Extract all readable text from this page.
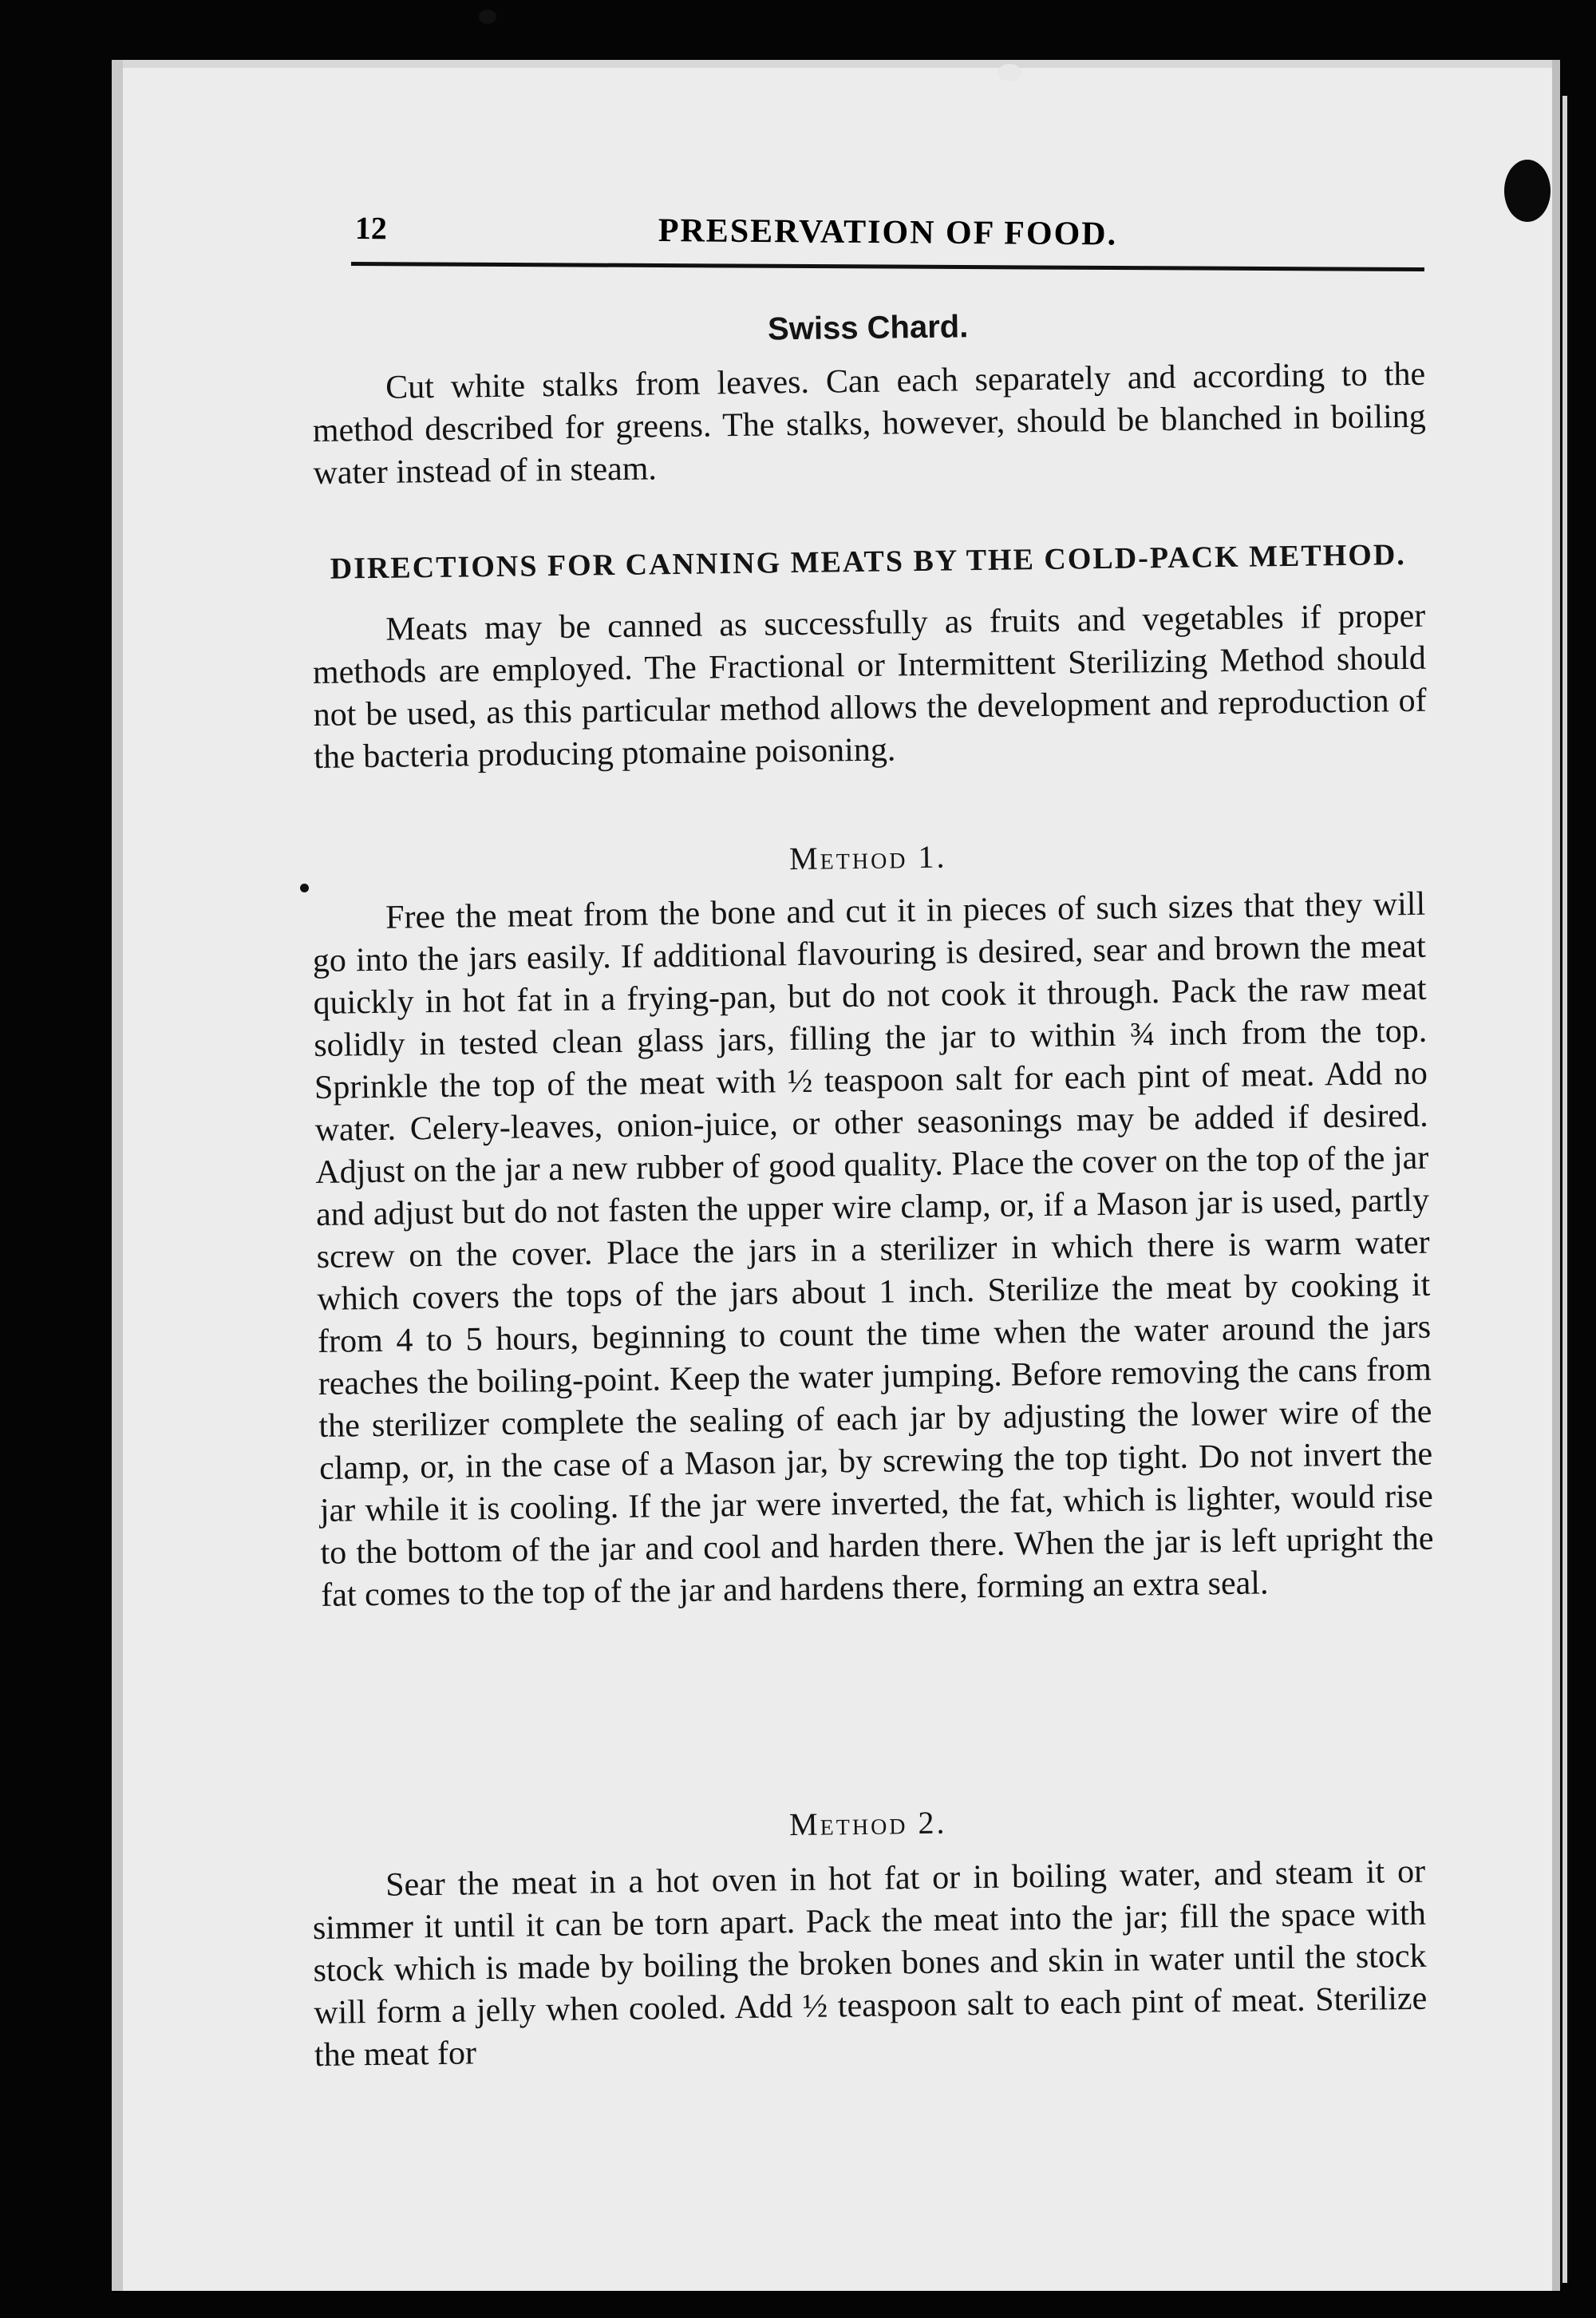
12	PRESERVATION OF FOOD.
Swiss Chard.

Cut white stalks from leaves. Can each separately and according to the method described for greens. The stalks, however, should be blanched in boiling water instead of in steam.

DIRECTIONS FOR CANNING MEATS BY THE COLD-PACK METHOD.

Meats may be canned as successfully as fruits and vegetables if proper methods are employed. The Fractional or Intermittent Sterilizing Method should not be used, as this particular method allows the development and reproduction of the bacteria producing ptomaine poisoning.

Method 1.

Free the meat from the bone and cut it in pieces of such sizes that they will go into the jars easily. If additional flavouring is desired, sear and brown the meat quickly in hot fat in a frying-pan, but do not cook it through. Pack the raw meat solidly in tested clean glass jars, filling the jar to within ¾ inch from the top. Sprinkle the top of the meat with ½ teaspoon salt for each pint of meat. Add no water. Celery-leaves, onion-juice, or other seasonings may be added if desired. Adjust on the jar a new rubber of good quality. Place the cover on the top of the jar and adjust but do not fasten the upper wire clamp, or, if a Mason jar is used, partly screw on the cover. Place the jars in a sterilizer in which there is warm water which covers the tops of the jars about 1 inch. Sterilize the meat by cooking it from 4 to 5 hours, beginning to count the time when the water around the jars reaches the boiling-point. Keep the water jumping. Before removing the cans from the sterilizer complete the sealing of each jar by adjusting the lower wire of the clamp, or, in the case of a Mason jar, by screwing the top tight. Do not invert the jar while it is cooling. If the jar were inverted, the fat, which is lighter, would rise to the bottom of the jar and cool and harden there. When the jar is left upright the fat comes to the top of the jar and hardens there, forming an extra seal.

Method 2.

Sear the meat in a hot oven in hot fat or in boiling water, and steam it or simmer it until it can be torn apart. Pack the meat into the jar; fill the space with stock which is made by boiling the broken bones and skin in water until the stock will form a jelly when cooled. Add ½ teaspoon salt to each pint of meat. Sterilize the meat for
